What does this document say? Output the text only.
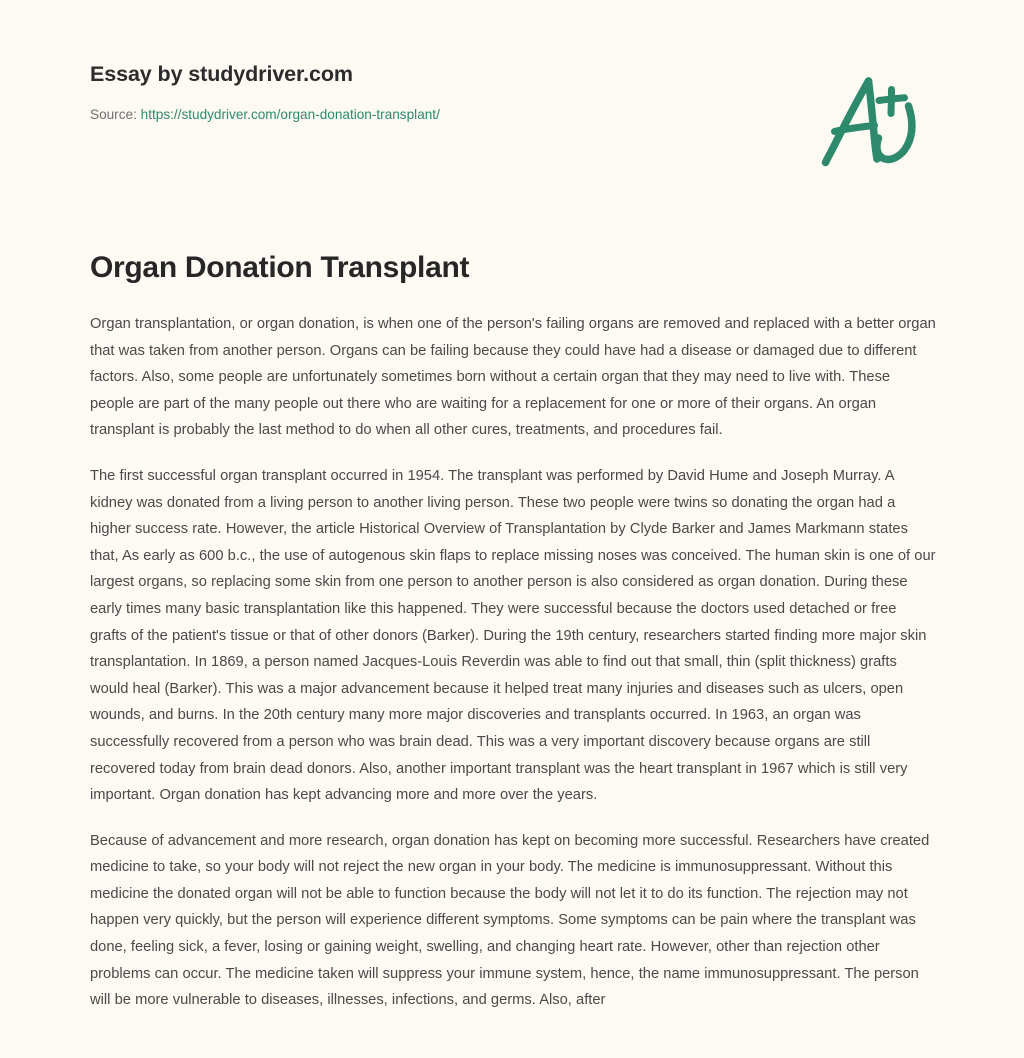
Essay by studydriver.com
Source: https://studydriver.com/organ-donation-transplant/
Organ Donation Transplant

Organ transplantation, or organ donation, is when one of the person's failing organs are removed and replaced with a better organ that was taken from another person. Organs can be failing because they could have had a disease or damaged due to different factors. Also, some people are unfortunately sometimes born without a certain organ that they may need to live with. These people are part of the many people out there who are waiting for a replacement for one or more of their organs. An organ transplant is probably the last method to do when all other cures, treatments, and procedures fail.

The first successful organ transplant occurred in 1954. The transplant was performed by David Hume and Joseph Murray. A kidney was donated from a living person to another living person. These two people were twins so donating the organ had a higher success rate. However, the article Historical Overview of Transplantation by Clyde Barker and James Markmann states that, As early as 600 b.c., the use of autogenous skin flaps to replace missing noses was conceived. The human skin is one of our largest organs, so replacing some skin from one person to another person is also considered as organ donation. During these early times many basic transplantation like this happened. They were successful because the doctors used detached or free grafts of the patient's tissue or that of other donors (Barker). During the 19th century, researchers started finding more major skin transplantation. In 1869, a person named Jacques-Louis Reverdin was able to find out that small, thin (split thickness) grafts would heal (Barker). This was a major advancement because it helped treat many injuries and diseases such as ulcers, open wounds, and burns. In the 20th century many more major discoveries and transplants occurred. In 1963, an organ was successfully recovered from a person who was brain dead. This was a very important discovery because organs are still recovered today from brain dead donors. Also, another important transplant was the heart transplant in 1967 which is still very important. Organ donation has kept advancing more and more over the years.

Because of advancement and more research, organ donation has kept on becoming more successful. Researchers have created medicine to take, so your body will not reject the new organ in your body. The medicine is immunosuppressant. Without this medicine the donated organ will not be able to function because the body will not let it to do its function. The rejection may not happen very quickly, but the person will experience different symptoms. Some symptoms can be pain where the transplant was done, feeling sick, a fever, losing or gaining weight, swelling, and changing heart rate. However, other than rejection other problems can occur. The medicine taken will suppress your immune system, hence, the name immunosuppressant. The person will be more vulnerable to diseases, illnesses, infections, and germs. Also, after
